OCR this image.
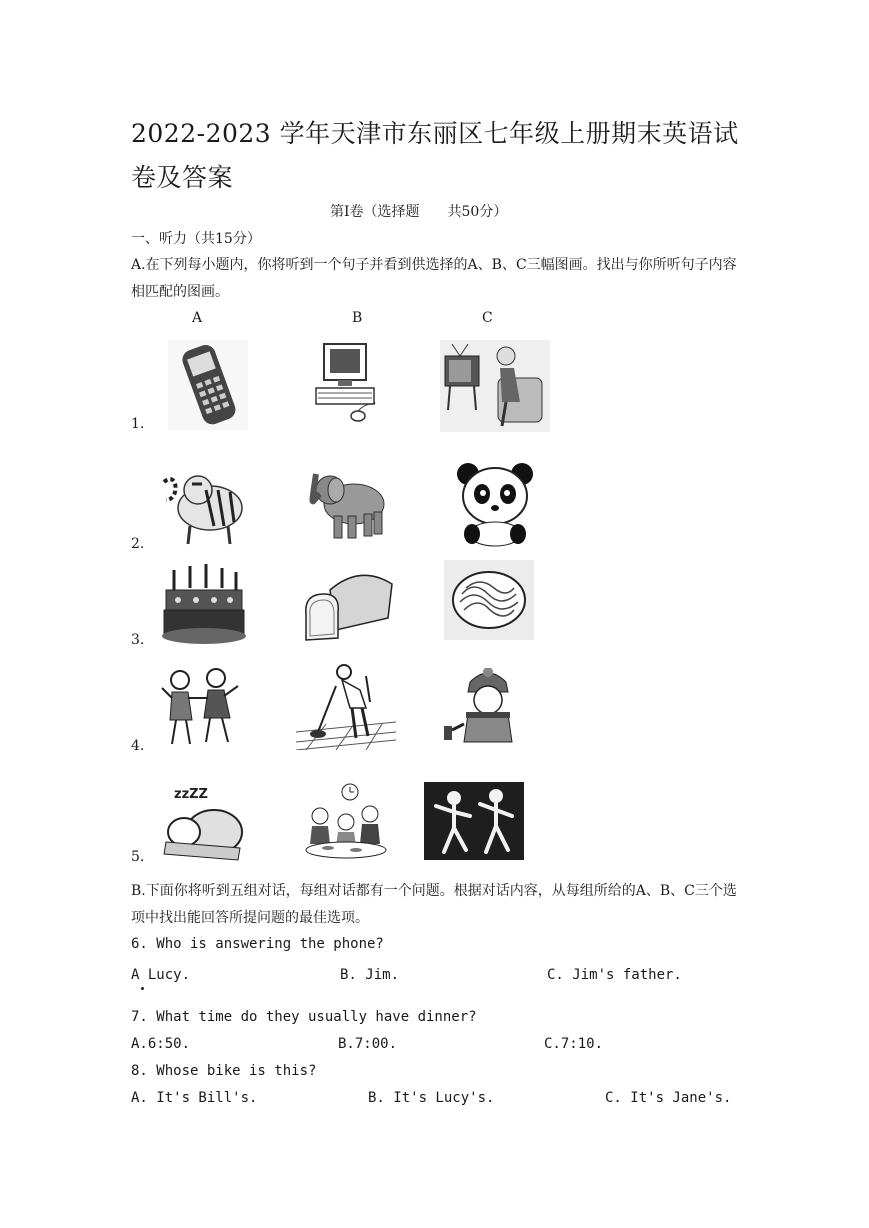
2022-2023 学年天津市东丽区七年级上册期末英语试卷及答案
第Ⅰ卷（选择题　　共50分）
一、听力（共15分）
A.在下列每小题内，你将听到一个句子并看到供选择的A、B、C三幅图画。找出与你所听句子内容相匹配的图画。
A	B	C
1.
2.
3.
4.
5.
zzZZ
B.下面你将听到五组对话，每组对话都有一个问题。根据对话内容，从每组所给的A、B、C三个选项中找出能回答所提问题的最佳选项。
6. Who is answering the phone?
A Lucy.	B. Jim.	C. Jim's father.
7. What time do they usually have dinner?
A.6:50.	B.7:00.	C.7:10.
8. Whose bike is this?
A. It's Bill's.	B. It's Lucy's.	C. It's Jane's.
